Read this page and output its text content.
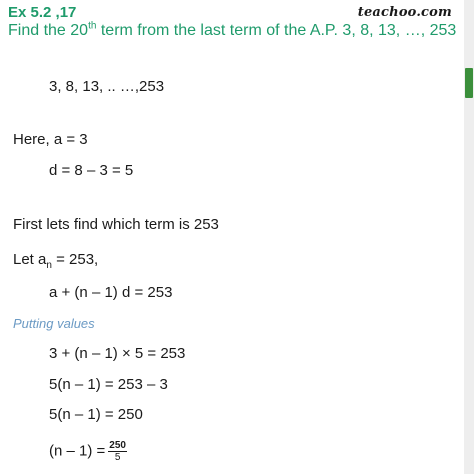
Ex 5.2 ,17	teachoo.com
Find the 20th term from the last term of the A.P. 3, 8, 13, …, 253
3, 8, 13, .. …,253
Here, a = 3
d = 8 – 3 = 5
First lets find which term is 253
Let $a_n = 253$,
a + (n – 1) d = 253
Putting values
3 + (n – 1) × 5 = 253
5(n – 1) = 253 – 3
5(n – 1) = 250
$(n - 1) = \frac{250}{5}$
